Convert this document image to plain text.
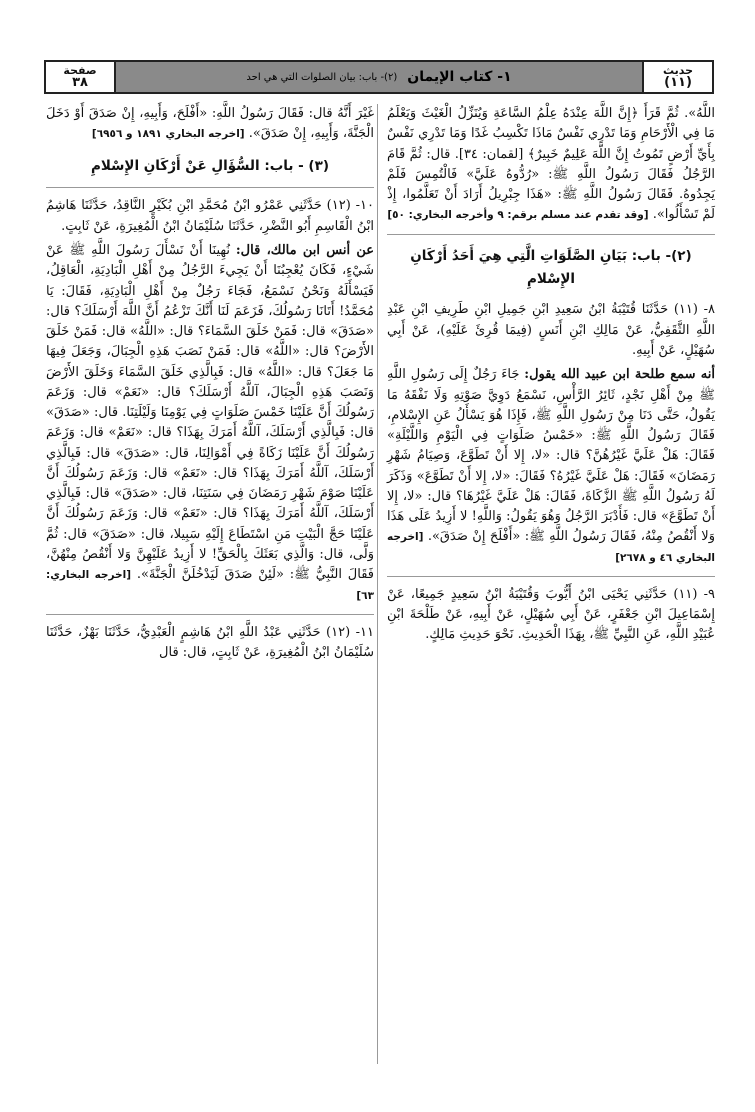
صفحة
٣٨	١- كتاب الإيمان
(٢)- باب: بيان الصلوات التي هي احد	حديث
(١١)

اللَّهُ». ثُمَّ قَرَأَ ﴿إِنَّ اللَّهَ عِنْدَهُ عِلْمُ السَّاعَةِ وَيُنَزِّلُ الْغَيْثَ وَيَعْلَمُ مَا فِي الْأَرْحَامِ وَمَا تَدْرِي نَفْسٌ مَاذَا تَكْسِبُ غَدًا وَمَا تَدْرِي نَفْسٌ بِأَيِّ أَرْضٍ تَمُوتُ إِنَّ اللَّهَ عَلِيمٌ خَبِيرٌ﴾ [لقمان: ٣٤]. قال: ثُمَّ قَامَ الرَّجُلُ فَقَالَ رَسُولُ اللَّهِ ﷺ: «رُدُّوهُ عَلَيَّ» فَالْتُمِسَ فَلَمْ يَجِدُوهُ. فَقَالَ رَسُولُ اللَّهِ ﷺ: «هَذَا جِبْرِيلُ أَرَادَ أَنْ تَعَلَّمُوا، إِذْ لَمْ تَسْأَلُوا». [وقد تقدم عند مسلم برقم: ٩ وأخرجه البخاري: ٥٠]

(٢)- باب: بَيَانِ الصَّلَوَاتِ الَّتِي هِيَ أَحَدُ أَرْكَانِ الإِسْلامِ

٨- (١١) حَدَّثَنَا قُتَيْبَةُ ابْنُ سَعِيدِ ابْنِ جَمِيلِ ابْنِ طَرِيفِ ابْنِ عَبْدِ اللَّهِ الثَّقَفِيُّ، عَنْ مَالِكِ ابْنِ أَنَسٍ (فِيمَا قُرِئَ عَلَيْهِ)، عَنْ أَبِي سُهَيْلٍ، عَنْ أَبِيهِ.

أنه سمع طلحة ابن عبيد الله يقول: جَاءَ رَجُلٌ إِلَى رَسُولِ اللَّهِ ﷺ مِنْ أَهْلِ نَجْدٍ، ثَائِرُ الرَّأْسِ، نَسْمَعُ دَوِيَّ صَوْتِهِ وَلَا نَفْقَهُ مَا يَقُولُ، حَتَّى دَنَا مِنْ رَسُولِ اللَّهِ ﷺ، فَإِذَا هُوَ يَسْأَلُ عَنِ الإِسْلامِ، فَقَالَ رَسُولُ اللَّهِ ﷺ: «خَمْسُ صَلَوَاتٍ فِي الْيَوْمِ وَاللَّيْلَةِ» فَقَالَ: هَلْ عَلَيَّ غَيْرُهُنَّ؟ قال: «لا، إِلا أَنْ تَطَوَّعَ، وَصِيَامُ شَهْرِ رَمَضَانَ» فَقَالَ: هَلْ عَلَيَّ غَيْرُهُ؟ فَقَالَ: «لا، إِلا أَنْ تَطَوَّعَ» وَذَكَرَ لَهُ رَسُولُ اللَّهِ ﷺ الزَّكَاةَ، فَقَالَ: هَلْ عَلَيَّ غَيْرُهَا؟ قال: «لا، إِلا أَنْ تَطَوَّعَ» قال: فَأَدْبَرَ الرَّجُلُ وَهُوَ يَقُولُ: وَاللَّهِ! لا أَزِيدُ عَلَى هَذَا وَلا أَنْقُصُ مِنْهُ، فَقَالَ رَسُولُ اللَّهِ ﷺ: «أَفْلَحَ إِنْ صَدَقَ». [اخرجه البخاري ٤٦ و ٢٦٧٨]

٩- (١١) حَدَّثَنِي يَحْيَى ابْنُ أَيُّوبَ وَقُتَيْبَةُ ابْنُ سَعِيدٍ جَمِيعًا، عَنْ إِسْمَاعِيلَ ابْنِ جَعْفَرٍ، عَنْ أَبِي سُهَيْلٍ، عَنْ أَبِيهِ، عَنْ طَلْحَةَ ابْنِ عُبَيْدِ اللَّهِ، عَنِ النَّبِيِّ ﷺ، بِهَذَا الْحَدِيثِ. نَحْوَ حَدِيثِ مَالِكٍ.

غَيْرَ أَنَّهُ قال: فَقَالَ رَسُولُ اللَّهِ: «أَفْلَحَ، وَأَبِيهِ، إِنْ صَدَقَ أَوْ دَخَلَ الْجَنَّةَ، وَأَبِيهِ، إِنْ صَدَقَ». [اخرجه البخاري ١٨٩١ و ٦٩٥٦]

(٣) - باب: السُّؤَالِ عَنْ أَرْكَانِ الإِسْلامِ

١٠- (١٢) حَدَّثَنِي عَمْرُو ابْنُ مُحَمَّدِ ابْنِ بُكَيْرٍ النَّاقِدُ، حَدَّثَنَا هَاشِمُ ابْنُ الْقَاسِمِ أَبُو النَّضْرِ، حَدَّثَنَا سُلَيْمَانُ ابْنُ الْمُغِيرَةِ، عَنْ ثَابِتٍ.

عن أنس ابن مالك، قال: نُهِينَا أَنْ نَسْأَلَ رَسُولَ اللَّهِ ﷺ عَنْ شَيْءٍ، فَكَانَ يُعْجِبُنَا أَنْ يَجِيءَ الرَّجُلُ مِنْ أَهْلِ الْبَادِيَةِ، الْعَاقِلُ، فَيَسْأَلَهُ وَنَحْنُ نَسْمَعُ، فَجَاءَ رَجُلٌ مِنْ أَهْلِ الْبَادِيَةِ، فَقَالَ: يَا مُحَمَّدُ! أَتَانَا رَسُولُكَ، فَزَعَمَ لَنَا أَنَّكَ تَزْعُمُ أَنَّ اللَّهَ أَرْسَلَكَ؟ قال: «صَدَقَ» قال: فَمَنْ خَلَقَ السَّمَاءَ؟ قال: «اللَّهُ» قال: فَمَنْ خَلَقَ الأَرْضَ؟ قال: «اللَّهُ» قال: فَمَنْ نَصَبَ هَذِهِ الْجِبَالَ، وَجَعَلَ فِيهَا مَا جَعَلَ؟ قال: «اللَّهُ» قال: فَبِالَّذِي خَلَقَ السَّمَاءَ وَخَلَقَ الأَرْضَ وَنَصَبَ هَذِهِ الْجِبَالَ، آللَّهُ أَرْسَلَكَ؟ قال: «نَعَمْ» قال: وَزَعَمَ رَسُولُكَ أَنَّ عَلَيْنَا خَمْسَ صَلَوَاتٍ فِي يَوْمِنَا وَلَيْلَتِنَا. قال: «صَدَقَ» قال: فَبِالَّذِي أَرْسَلَكَ، آللَّهُ أَمَرَكَ بِهَذَا؟ قال: «نَعَمْ» قال: وَزَعَمَ رَسُولُكَ أَنَّ عَلَيْنَا زَكَاةً فِي أَمْوَالِنَا، قال: «صَدَقَ» قال: فَبِالَّذِي أَرْسَلَكَ، آللَّهُ أَمَرَكَ بِهَذَا؟ قال: «نَعَمْ» قال: وَزَعَمَ رَسُولُكَ أَنَّ عَلَيْنَا صَوْمَ شَهْرِ رَمَضَانَ فِي سَنَتِنَا، قال: «صَدَقَ» قال: فَبِالَّذِي أَرْسَلَكَ، آللَّهُ أَمَرَكَ بِهَذَا؟ قال: «نَعَمْ» قال: وَزَعَمَ رَسُولُكَ أَنَّ عَلَيْنَا حَجَّ الْبَيْتِ مَنِ اسْتَطَاعَ إِلَيْهِ سَبِيلا، قال: «صَدَقَ» قال: ثُمَّ وَلَّى، قال: وَالَّذِي بَعَثَكَ بِالْحَقِّ! لا أَزِيدُ عَلَيْهِنَّ وَلا أَنْقُصُ مِنْهُنَّ، فَقَالَ النَّبِيُّ ﷺ: «لَئِنْ صَدَقَ لَيَدْخُلَنَّ الْجَنَّةَ». [اخرجه البخاري: ٦٣]

١١- (١٢) حَدَّثَنِي عَبْدُ اللَّهِ ابْنُ هَاشِمٍ الْعَبْدِيُّ، حَدَّثَنَا بَهْزٌ، حَدَّثَنَا سُلَيْمَانُ ابْنُ الْمُغِيرَةِ، عَنْ ثَابِتٍ، قال: قال
